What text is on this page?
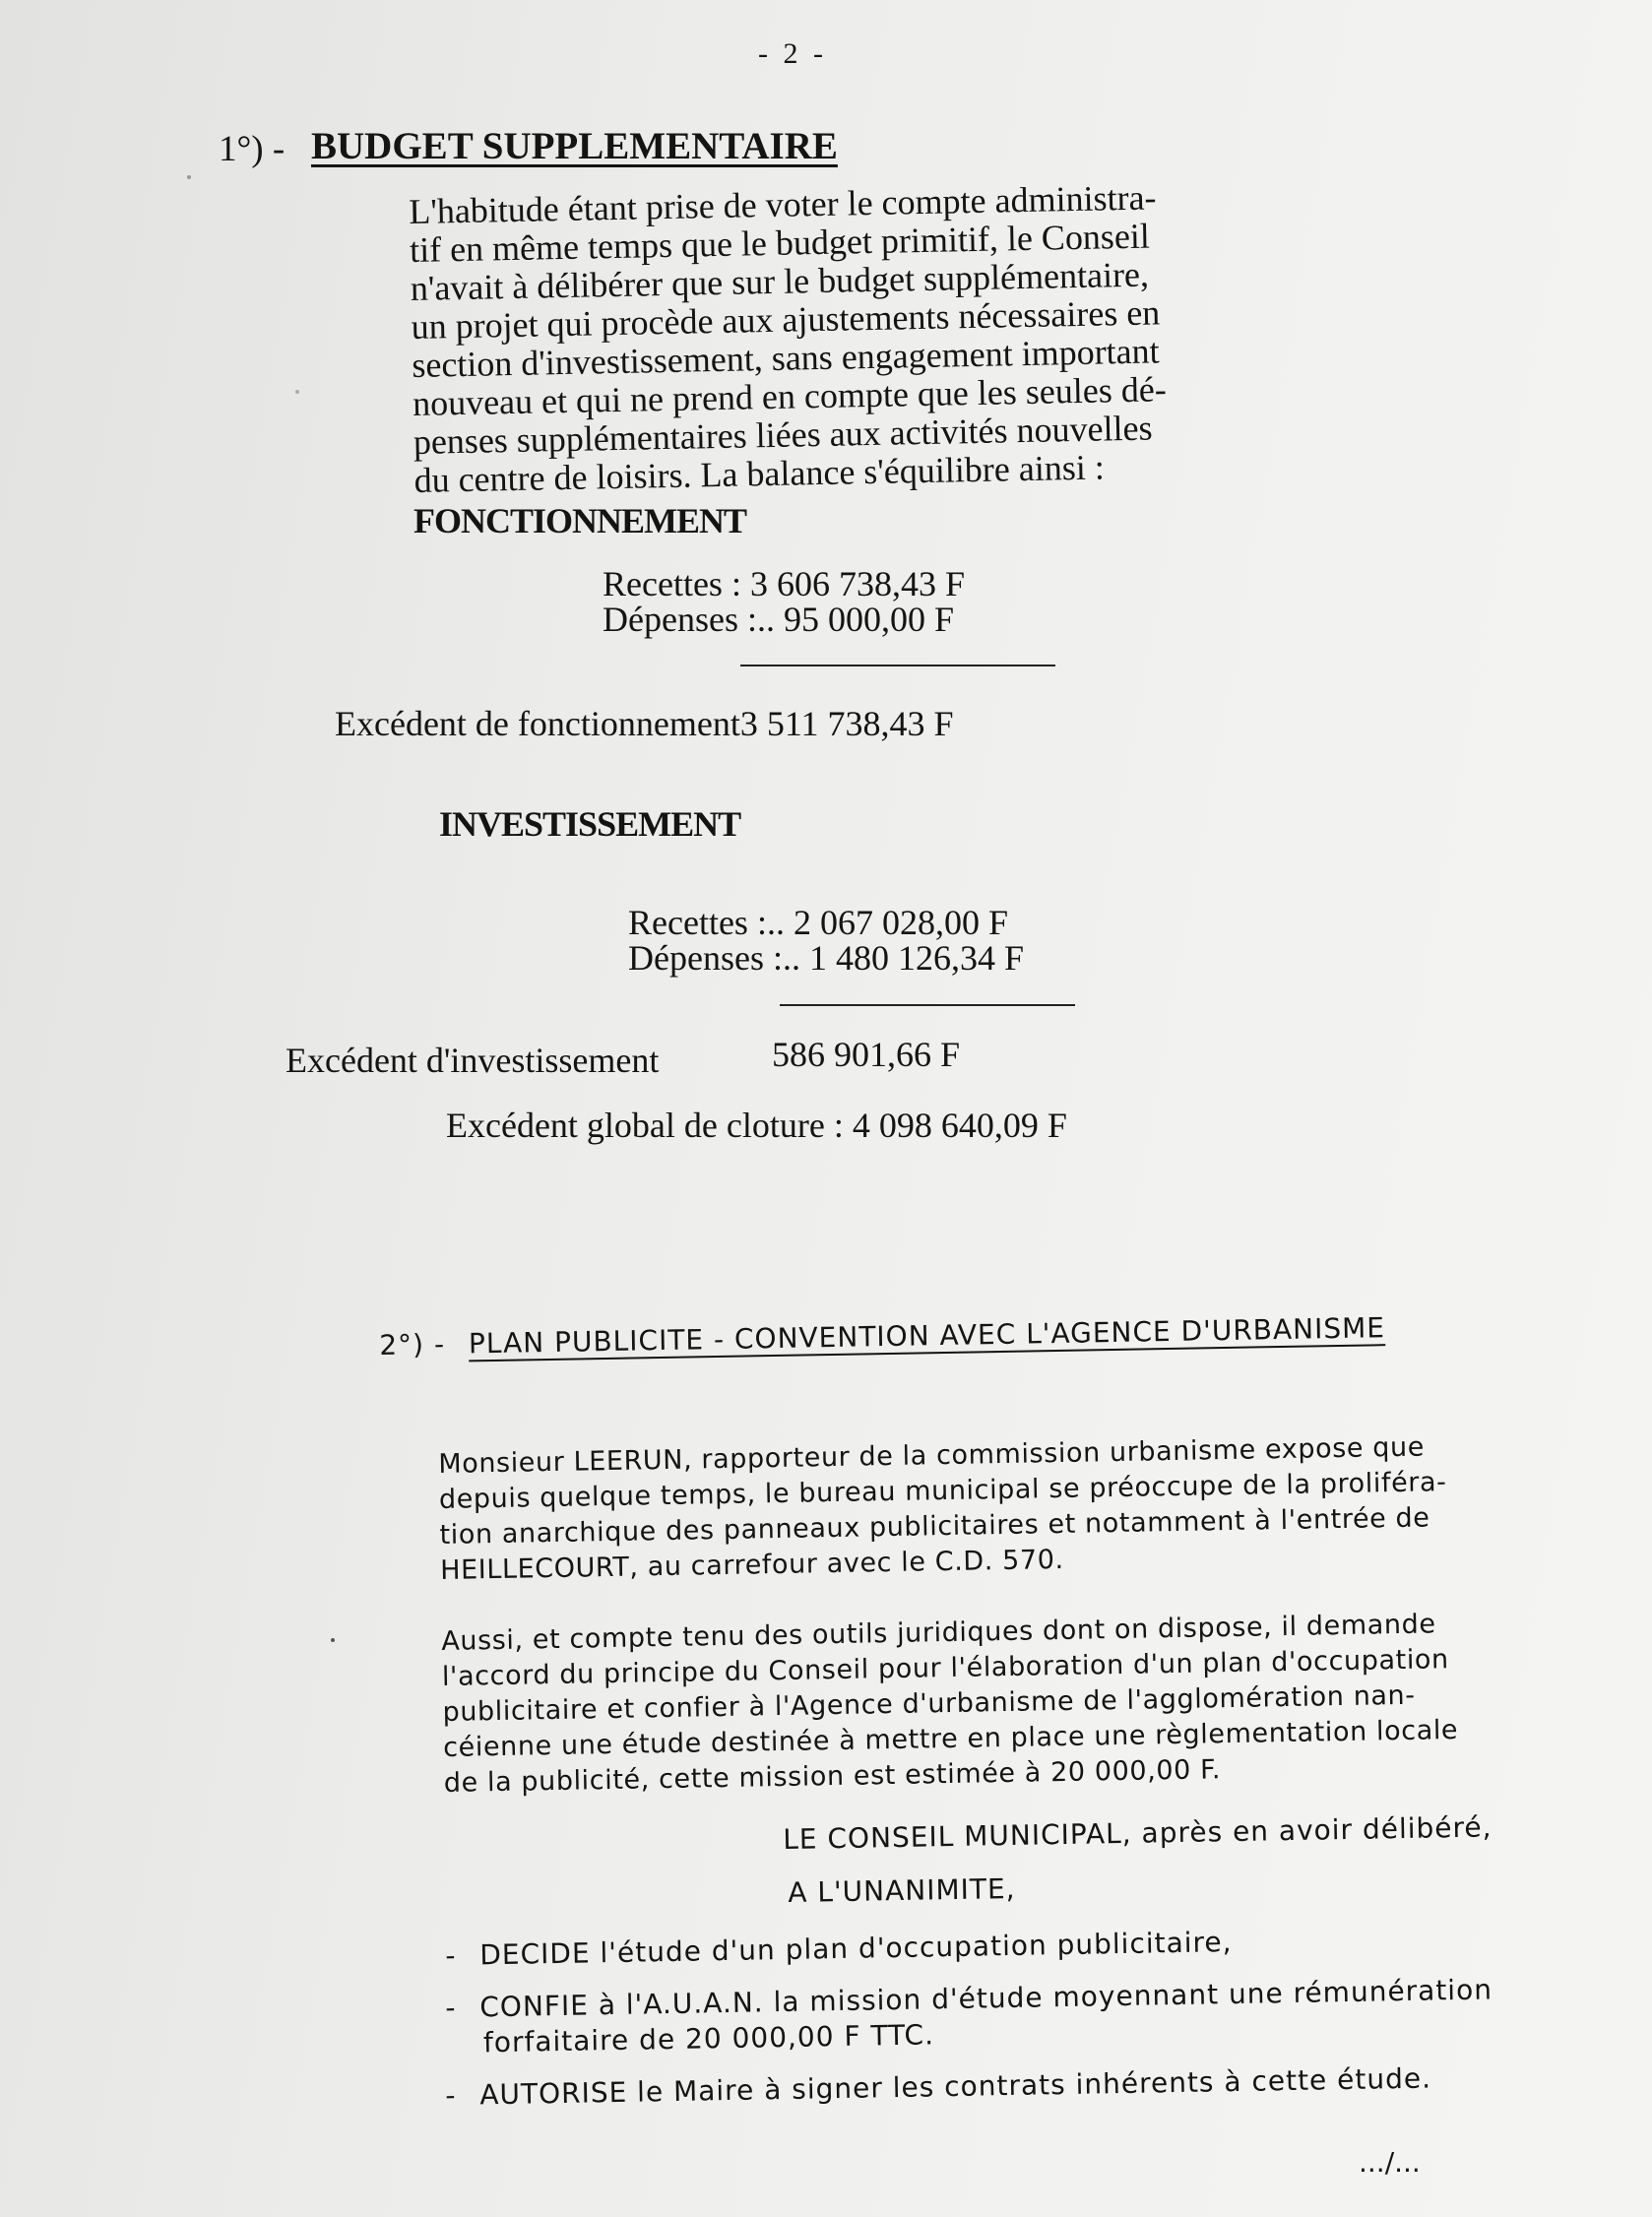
- 2 -
1°) - BUDGET SUPPLEMENTAIRE
L'habitude étant prise de voter le compte administra-
tif en même temps que le budget primitif, le Conseil
n'avait à délibérer que sur le budget supplémentaire,
un projet qui procède aux ajustements nécessaires en
section d'investissement, sans engagement important
nouveau et qui ne prend en compte que les seules dé-
penses supplémentaires liées aux activités nouvelles
du centre de loisirs. La balance s'équilibre ainsi :
FONCTIONNEMENT
Recettes : 3 606 738,43 F
Dépenses :.. 95 000,00 F
Excédent de fonctionnement3 511 738,43 F
INVESTISSEMENT
Recettes :.. 2 067 028,00 F
Dépenses :.. 1 480 126,34 F
Excédent d'investissement	586 901,66 F
Excédent global de cloture : 4 098 640,09 F
2°) - PLAN PUBLICITE - CONVENTION AVEC L'AGENCE D'URBANISME
Monsieur LEERUN, rapporteur de la commission urbanisme expose que
depuis quelque temps, le bureau municipal se préoccupe de la proliféra-
tion anarchique des panneaux publicitaires et notamment à l'entrée de
HEILLECOURT, au carrefour avec le C.D. 570.
Aussi, et compte tenu des outils juridiques dont on dispose, il demande
l'accord du principe du Conseil pour l'élaboration d'un plan d'occupation
publicitaire et confier à l'Agence d'urbanisme de l'agglomération nan-
céienne une étude destinée à mettre en place une règlementation locale
de la publicité, cette mission est estimée à 20 000,00 F.
LE CONSEIL MUNICIPAL, après en avoir délibéré,
A L'UNANIMITE,
- DECIDE l'étude d'un plan d'occupation publicitaire,
- CONFIE à l'A.U.A.N. la mission d'étude moyennant une rémunération
forfaitaire de 20 000,00 F TTC.
- AUTORISE le Maire à signer les contrats inhérents à cette étude.
.../...
